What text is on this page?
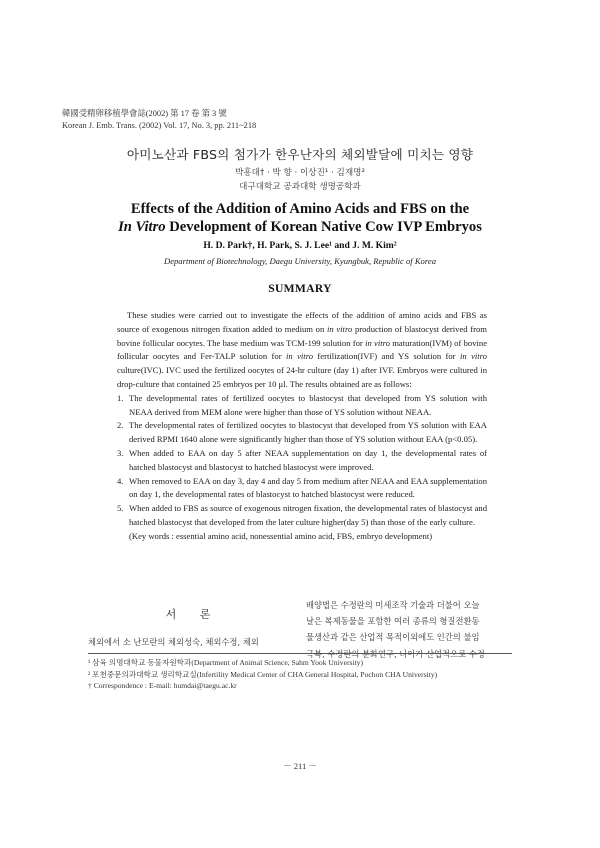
韓國受精卵移植學會誌(2002) 第 17 卷 第 3 號
Korean J. Emb. Trans. (2002) Vol. 17, No. 3, pp. 211~218
아미노산과 FBS의 첨가가 한우난자의 체외발달에 미치는 영향
박흥대† · 박 향 · 이상진¹ · 김재명²
대구대학교 공과대학 생명공학과
Effects of the Addition of Amino Acids and FBS on the
In Vitro Development of Korean Native Cow IVP Embryos
H. D. Park†, H. Park, S. J. Lee¹ and J. M. Kim²
Department of Biotechnology, Daegu University, Kyungbuk, Republic of Korea
SUMMARY

These studies were carried out to investigate the effects of the addition of amino acids and FBS as source of exogenous nitrogen fixation added to medium on in vitro production of blastocyst derived from bovine follicular oocytes. The base medium was TCM-199 solution for in vitro maturation(IVM) of bovine follicular oocytes and Fer-TALP solution for in vitro fertilization(IVF) and YS solution for in vitro culture(IVC). IVC used the fertilized oocytes of 24-hr culture (day 1) after IVF. Embryos were cultured in drop-culture that contained 25 embryos per 10 μl. The results obtained are as follows:

1. The developmental rates of fertilized oocytes to blastocyst that developed from YS solution with NEAA derived from MEM alone were higher than those of YS solution without NEAA.
2. The developmental rates of fertilized oocytes to blastocyst that developed from YS solution with EAA derived RPMI 1640 alone were significantly higher than those of YS solution without EAA (p<0.05).
3. When added to EAA on day 5 after NEAA supplementation on day 1, the developmental rates of hatched blastocyst and blastocyst to hatched blastocyst were improved.
4. When removed to EAA on day 3, day 4 and day 5 from medium after NEAA and EAA supplementation on day 1, the developmental rates of blastocyst to hatched blastocyst were reduced.
5. When added to FBS as source of exogenous nitrogen fixation, the developmental rates of blastocyst and hatched blastocyst that developed from the later culture higher(day 5) than those of the early culture.
(Key words : essential amino acid, nonessential amino acid, FBS, embryo development)
서 론
체외에서 소 난모란의 체외성숙, 체외수정, 체외
배양법은 수정란의 미세조작 기술과 더불어 오늘
날은 복제동물을 포함한 여러 종류의 형질전환동
물생산과 같은 산업적 목적이외에도 인간의 불임
극복, 수정란의 분화연구, 나아가 산업적으로 수정
¹ 삼육 의명대학교 동물자원학과(Department of Animal Science, Sahm Yook University)
² 포천중문의과대학교 생리학교실(Infertility Medical Center of CHA General Hospital, Pochon CHA University)
† Correspondence : E-mail: humdai@taegu.ac.kr
－ 211 －
